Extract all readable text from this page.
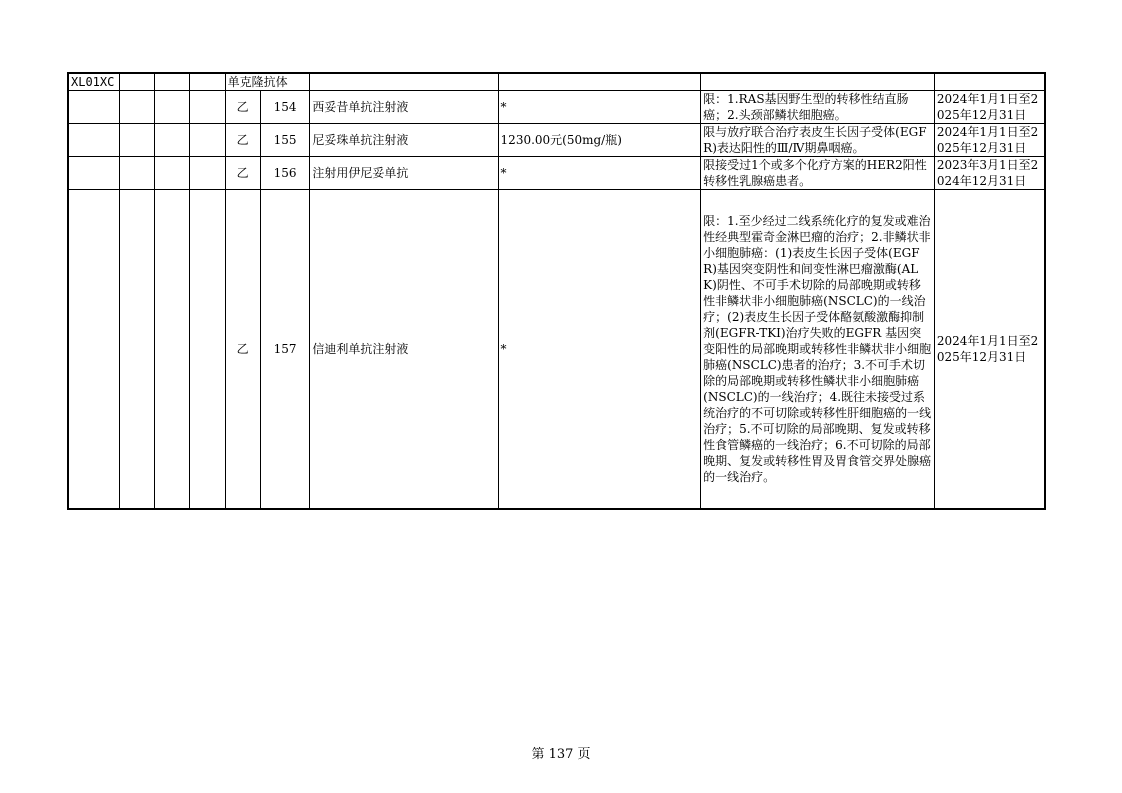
XL01XC				单克隆抗体					
				乙	154	西妥昔单抗注射液	*	限：1.RAS基因野生型的转移性结直肠癌；2.头颈部鳞状细胞癌。	2024年1月1日至2025年12月31日
				乙	155	尼妥珠单抗注射液	1230.00元(50mg/瓶)	限与放疗联合治疗表皮生长因子受体(EGFR)表达阳性的Ⅲ/Ⅳ期鼻咽癌。	2024年1月1日至2025年12月31日
				乙	156	注射用伊尼妥单抗	*	限接受过1个或多个化疗方案的HER2阳性转移性乳腺癌患者。	2023年3月1日至2024年12月31日
				乙	157	信迪利单抗注射液	*	限：1.至少经过二线系统化疗的复发或难治性经典型霍奇金淋巴瘤的治疗；2.非鳞状非小细胞肺癌：(1)表皮生长因子受体(EGFR)基因突变阴性和间变性淋巴瘤激酶(ALK)阴性、不可手术切除的局部晚期或转移性非鳞状非小细胞肺癌(NSCLC)的一线治疗；(2)表皮生长因子受体酪氨酸激酶抑制剂(EGFR-TKI)治疗失败的EGFR 基因突变阳性的局部晚期或转移性非鳞状非小细胞肺癌(NSCLC)患者的治疗；3.不可手术切除的局部晚期或转移性鳞状非小细胞肺癌(NSCLC)的一线治疗；4.既往未接受过系统治疗的不可切除或转移性肝细胞癌的一线治疗；5.不可切除的局部晚期、复发或转移性食管鳞癌的一线治疗；6.不可切除的局部晚期、复发或转移性胃及胃食管交界处腺癌的一线治疗。	2024年1月1日至2025年12月31日
第 137 页
